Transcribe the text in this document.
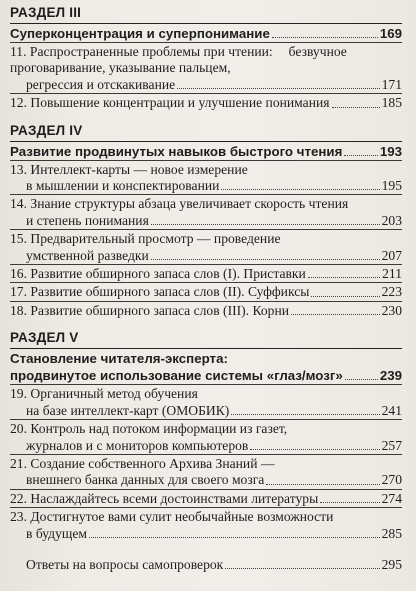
РАЗДЕЛ III
Суперконцентрация и суперпонимание	169
11. Распространенные проблемы при чтении: безвучное проговаривание, указывание пальцем,
регрессия и отскакивание	171
12. Повышение концентрации и улучшение понимания	185
РАЗДЕЛ IV
Развитие продвинутых навыков быстрого чтения	193
13. Интеллект-карты — новое измерение
в мышлении и конспектировании	195
14. Знание структуры абзаца увеличивает скорость чтения
и степень понимания	203
15. Предварительный просмотр — проведение
умственной разведки	207
16. Развитие обширного запаса слов (I). Приставки	211
17. Развитие обширного запаса слов (II). Суффиксы	223
18. Развитие обширного запаса слов (III). Корни	230
РАЗДЕЛ V
Становление читателя-эксперта:
продвинутое использование системы «глаз/мозг»	239
19. Органичный метод обучения
на базе интеллект-карт (ОМОБИК)	241
20. Контроль над потоком информации из газет,
журналов и с мониторов компьютеров	257
21. Создание собственного Архива Знаний —
внешнего банка данных для своего мозга	270
22. Наслаждайтесь всеми достоинствами литературы	274
23. Достигнутое вами сулит необычайные возможности
в будущем	285
Ответы на вопросы самопроверок	295
